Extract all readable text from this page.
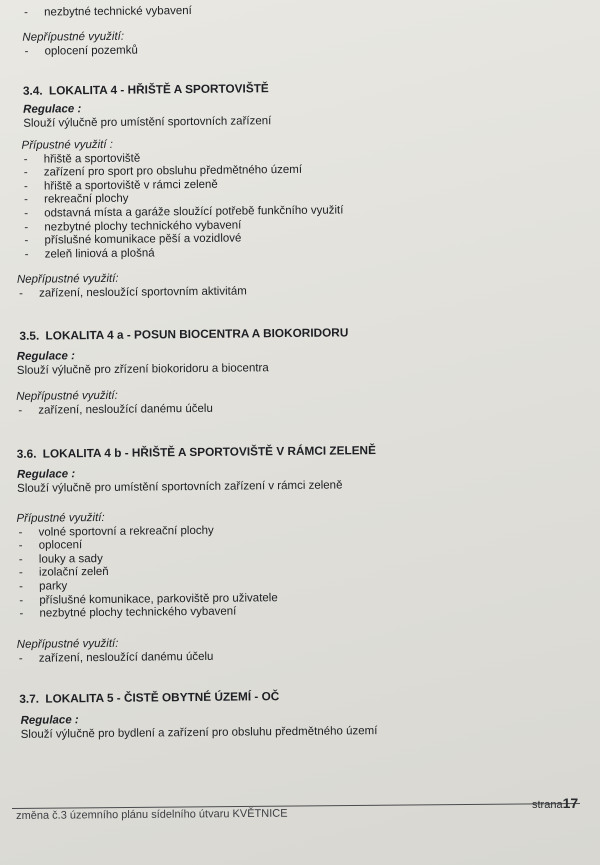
- nezbytné technické vybavení
Nepřípustné využití:
- oplocení pozemků
3.4. LOKALITA 4 - HŘIŠTĚ A SPORTOVIŠTĚ
Regulace :
Slouží výlučně pro umístění sportovních zařízení
Přípustné využití :
- hřiště a sportoviště
- zařízení pro sport pro obsluhu předmětného území
- hřiště a sportoviště v rámci zeleně
- rekreační plochy
- odstavná místa a garáže sloužící potřebě funkčního využití
- nezbytné plochy technického vybavení
- příslušné komunikace pěší a vozidlové
- zeleň liniová a plošná
Nepřípustné využití:
- zařízení, nesloužící sportovním aktivitám
3.5. LOKALITA 4 a - POSUN BIOCENTRA A BIOKORIDORU
Regulace :
Slouží výlučně pro zřízení biokoridoru a biocentra
Nepřípustné využití:
- zařízení, nesloužící danému účelu
3.6. LOKALITA 4 b - HŘIŠTĚ A SPORTOVIŠTĚ V RÁMCI ZELENĚ
Regulace :
Slouží výlučně pro umístění sportovních zařízení v rámci zeleně
Přípustné využití:
- volné sportovní a rekreační plochy
- oplocení
- louky a sady
- izolační zeleň
- parky
- příslušné komunikace, parkoviště pro uživatele
- nezbytné plochy technického vybavení
Nepřípustné využití:
- zařízení, nesloužící danému účelu
3.7. LOKALITA 5 - ČISTĚ OBYTNÉ ÚZEMÍ - OČ
Regulace :
Slouží výlučně pro bydlení a zařízení pro obsluhu předmětného území
změna č.3 územního plánu sídelního útvaru KVĚTNICE
strana17
